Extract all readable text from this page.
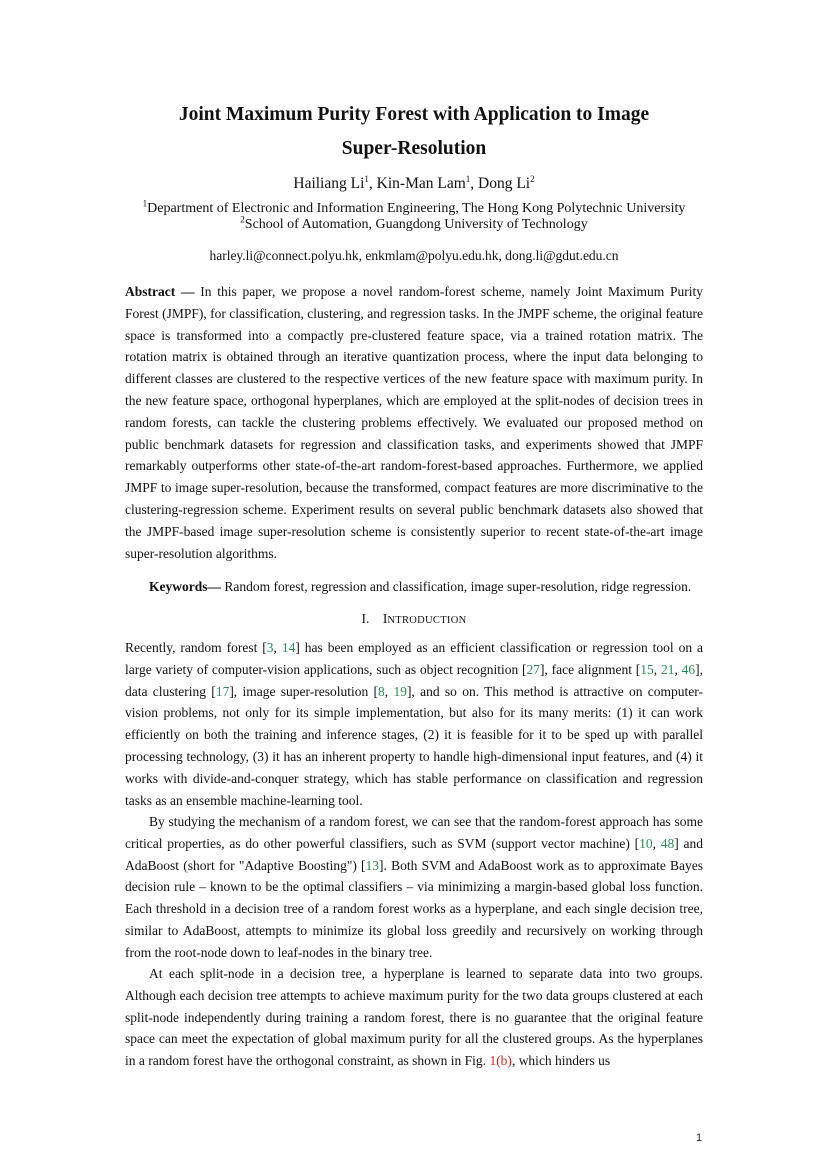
Joint Maximum Purity Forest with Application to Image
Super-Resolution
Hailiang Li$^1$, Kin-Man Lam$^1$, Dong Li$^2$
$^1$Department of Electronic and Information Engineering, The Hong Kong Polytechnic University
$^2$School of Automation, Guangdong University of Technology
harley.li@connect.polyu.hk, enkmlam@polyu.edu.hk, dong.li@gdut.edu.cn
Abstract — In this paper, we propose a novel random-forest scheme, namely Joint Maximum Purity Forest (JMPF), for classification, clustering, and regression tasks. In the JMPF scheme, the original feature space is transformed into a compactly pre-clustered feature space, via a trained rotation matrix. The rotation matrix is obtained through an iterative quantization process, where the input data belonging to different classes are clustered to the respective vertices of the new feature space with maximum purity. In the new feature space, orthogonal hyperplanes, which are employed at the split-nodes of decision trees in random forests, can tackle the clustering problems effectively. We evaluated our proposed method on public benchmark datasets for regression and classification tasks, and experiments showed that JMPF remarkably outperforms other state-of-the-art random-forest-based approaches. Furthermore, we applied JMPF to image super-resolution, because the transformed, compact features are more discriminative to the clustering-regression scheme. Experiment results on several public benchmark datasets also showed that the JMPF-based image super-resolution scheme is consistently superior to recent state-of-the-art image super-resolution algorithms.
Keywords— Random forest, regression and classification, image super-resolution, ridge regression.
I. INTRODUCTION
Recently, random forest [3, 14] has been employed as an efficient classification or regression tool on a large variety of computer-vision applications, such as object recognition [27], face alignment [15, 21, 46], data clustering [17], image super-resolution [8, 19], and so on. This method is attractive on computer-vision problems, not only for its simple implementation, but also for its many merits: (1) it can work efficiently on both the training and inference stages, (2) it is feasible for it to be sped up with parallel processing technology, (3) it has an inherent property to handle high-dimensional input features, and (4) it works with divide-and-conquer strategy, which has stable performance on classification and regression tasks as an ensemble machine-learning tool.
By studying the mechanism of a random forest, we can see that the random-forest approach has some critical properties, as do other powerful classifiers, such as SVM (support vector machine) [10, 48] and AdaBoost (short for "Adaptive Boosting") [13]. Both SVM and AdaBoost work as to approximate Bayes decision rule – known to be the optimal classifiers – via minimizing a margin-based global loss function. Each threshold in a decision tree of a random forest works as a hyperplane, and each single decision tree, similar to AdaBoost, attempts to minimize its global loss greedily and recursively on working through from the root-node down to leaf-nodes in the binary tree.
At each split-node in a decision tree, a hyperplane is learned to separate data into two groups. Although each decision tree attempts to achieve maximum purity for the two data groups clustered at each split-node independently during training a random forest, there is no guarantee that the original feature space can meet the expectation of global maximum purity for all the clustered groups. As the hyperplanes in a random forest have the orthogonal constraint, as shown in Fig. 1(b), which hinders us
1
